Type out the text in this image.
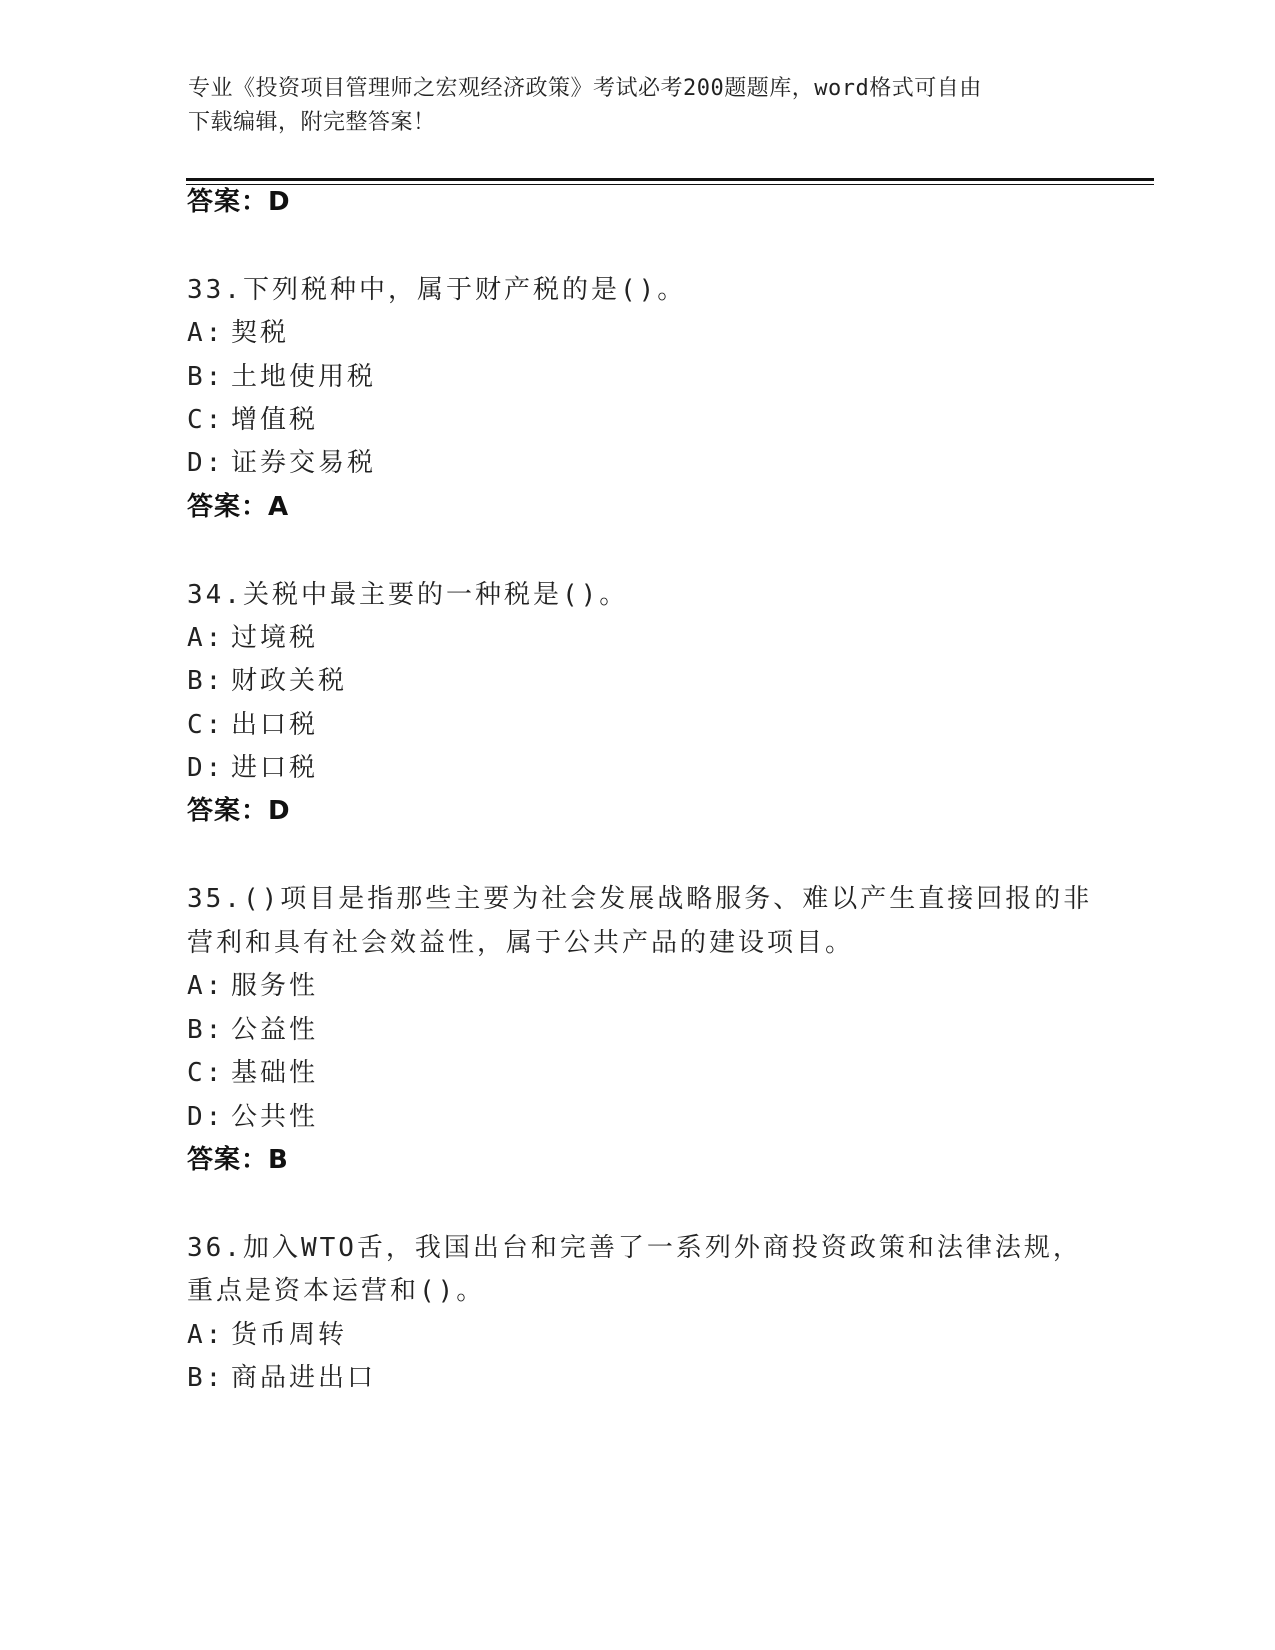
专业《投资项目管理师之宏观经济政策》考试必考200题题库，word格式可自由
下载编辑，附完整答案！
答案：D
33.下列税种中，属于财产税的是()。
A: 契税
B: 土地使用税
C: 增值税
D: 证券交易税
答案：A
34.关税中最主要的一种税是()。
A: 过境税
B: 财政关税
C: 出口税
D: 进口税
答案：D
35.()项目是指那些主要为社会发展战略服务、难以产生直接回报的非
营利和具有社会效益性，属于公共产品的建设项目。
A: 服务性
B: 公益性
C: 基础性
D: 公共性
答案：B
36.加入WTO舌，我国出台和完善了一系列外商投资政策和法律法规，
重点是资本运营和()。
A: 货币周转
B: 商品进出口
